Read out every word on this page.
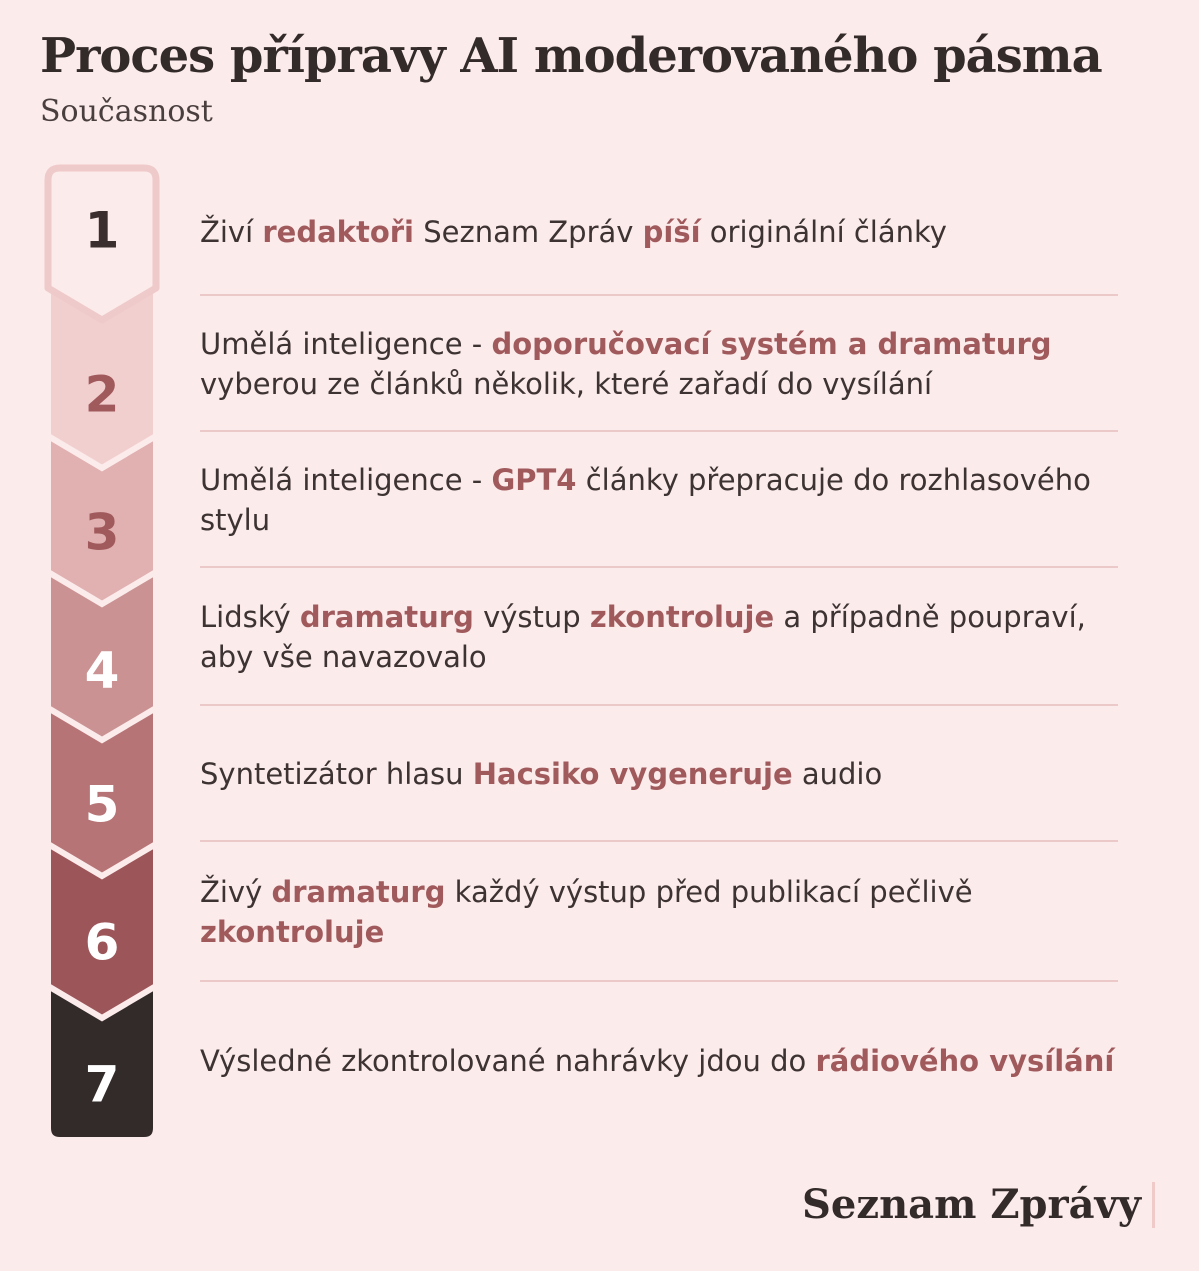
Proces přípravy AI moderovaného pásma
Současnost
7
6
5
4
3
2
1	Živí redaktoři Seznam Zpráv píší originální články
Umělá inteligence - doporučovací systém a dramaturg vyberou ze článků několik, které zařadí do vysílání
Umělá inteligence - GPT4 články přepracuje do rozhlasového stylu
Lidský dramaturg výstup zkontroluje a případně poupraví, aby vše navazovalo
Syntetizátor hlasu Hacsiko vygeneruje audio
Živý dramaturg každý výstup před publikací pečlivě zkontroluje
Výsledné zkontrolované nahrávky jdou do rádiového vysílání
Seznam Zprávy
